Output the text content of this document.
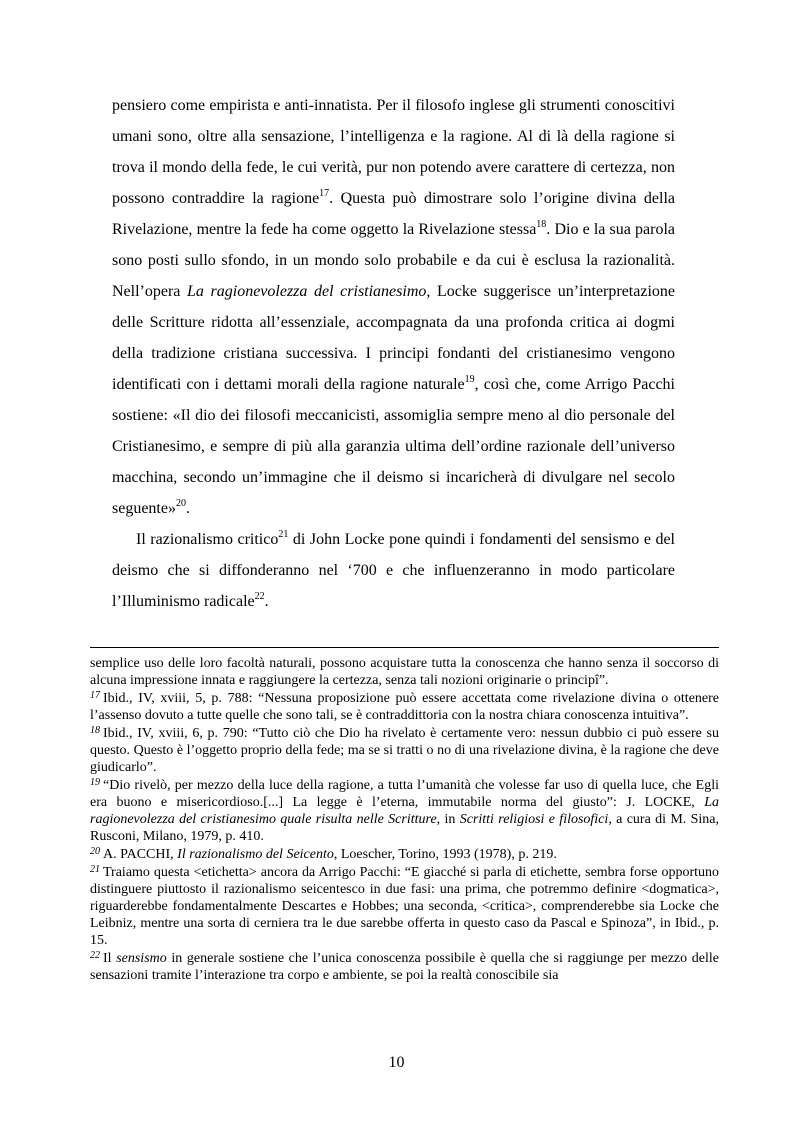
pensiero come empirista e anti-innatista. Per il filosofo inglese gli strumenti conoscitivi umani sono, oltre alla sensazione, l’intelligenza e la ragione. Al di là della ragione si trova il mondo della fede, le cui verità, pur non potendo avere carattere di certezza, non possono contraddire la ragione$^{17}$. Questa può dimostrare solo l’origine divina della Rivelazione, mentre la fede ha come oggetto la Rivelazione stessa$^{18}$. Dio e la sua parola sono posti sullo sfondo, in un mondo solo probabile e da cui è esclusa la razionalità. Nell’opera La ragionevolezza del cristianesimo, Locke suggerisce un’interpretazione delle Scritture ridotta all’essenziale, accompagnata da una profonda critica ai dogmi della tradizione cristiana successiva. I principi fondanti del cristianesimo vengono identificati con i dettami morali della ragione naturale$^{19}$, così che, come Arrigo Pacchi sostiene: «Il dio dei filosofi meccanicisti, assomiglia sempre meno al dio personale del Cristianesimo, e sempre di più alla garanzia ultima dell’ordine razionale dell’universo macchina, secondo un’immagine che il deismo si incaricherà di divulgare nel secolo seguente»$^{20}$.

Il razionalismo critico$^{21}$ di John Locke pone quindi i fondamenti del sensismo e del deismo che si diffonderanno nel ‘700 e che influenzeranno in modo particolare l’Illuminismo radicale$^{22}$.

semplice uso delle loro facoltà naturali, possono acquistare tutta la conoscenza che hanno senza il soccorso di alcuna impressione innata e raggiungere la certezza, senza tali nozioni originarie o principî”.

$^{17}$ Ibid., IV, xviii, 5, p. 788: “Nessuna proposizione può essere accettata come rivelazione divina o ottenere l’assenso dovuto a tutte quelle che sono tali, se è contraddittoria con la nostra chiara conoscenza intuitiva”.

$^{18}$ Ibid., IV, xviii, 6, p. 790: “Tutto ciò che Dio ha rivelato è certamente vero: nessun dubbio ci può essere su questo. Questo è l’oggetto proprio della fede; ma se si tratti o no di una rivelazione divina, è la ragione che deve giudicarlo”.

$^{19}$ “Dio rivelò, per mezzo della luce della ragione, a tutta l’umanità che volesse far uso di quella luce, che Egli era buono e misericordioso.[...] La legge è l’eterna, immutabile norma del giusto”: J. LOCKE, La ragionevolezza del cristianesimo quale risulta nelle Scritture, in Scritti religiosi e filosofici, a cura di M. Sina, Rusconi, Milano, 1979, p. 410.

$^{20}$ A. PACCHI, Il razionalismo del Seicento, Loescher, Torino, 1993 (1978), p. 219.

$^{21}$ Traiamo questa <etichetta> ancora da Arrigo Pacchi: “E giacché si parla di etichette, sembra forse opportuno distinguere piuttosto il razionalismo seicentesco in due fasi: una prima, che potremmo definire <dogmatica>, riguarderebbe fondamentalmente Descartes e Hobbes; una seconda, <critica>, comprenderebbe sia Locke che Leibniz, mentre una sorta di cerniera tra le due sarebbe offerta in questo caso da Pascal e Spinoza”, in Ibid., p. 15.

$^{22}$ Il sensismo in generale sostiene che l’unica conoscenza possibile è quella che si raggiunge per mezzo delle sensazioni tramite l’interazione tra corpo e ambiente, se poi la realtà conoscibile sia

10
